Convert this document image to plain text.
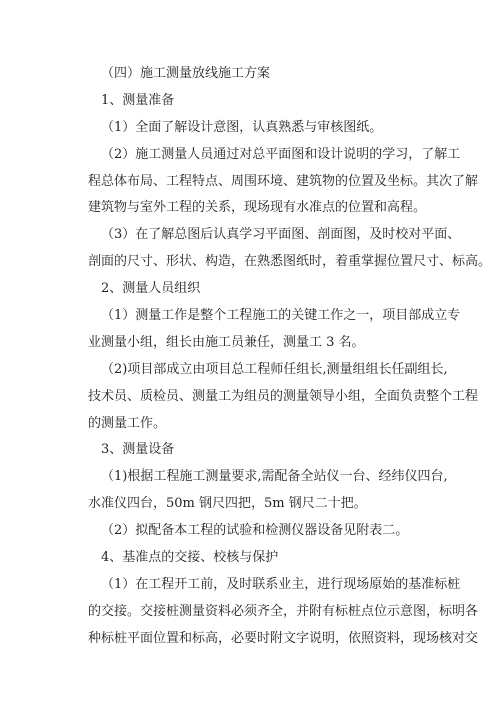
（四）施工测量放线施工方案
1、测量准备
（1）全面了解设计意图，认真熟悉与审核图纸。
（2）施工测量人员通过对总平面图和设计说明的学习，了解工
程总体布局、工程特点、周围环境、建筑物的位置及坐标。其次了解
建筑物与室外工程的关系，现场现有水准点的位置和高程。
（3）在了解总图后认真学习平面图、剖面图，及时校对平面、
剖面的尺寸、形状、构造，在熟悉图纸时，着重掌握位置尺寸、标高。
2、测量人员组织
（1）测量工作是整个工程施工的关键工作之一，项目部成立专
业测量小组，组长由施工员兼任，测量工 3 名。
（2)项目部成立由项目总工程师任组长,测量组组长任副组长,
技术员、质检员、测量工为组员的测量领导小组，全面负责整个工程
的测量工作。
3、测量设备
（1)根据工程施工测量要求,需配备全站仪一台、经纬仪四台,
水准仪四台，50m 钢尺四把，5m 钢尺二十把。
（2）拟配备本工程的试验和检测仪器设备见附表二。
4、基准点的交接、校核与保护
（1）在工程开工前，及时联系业主，进行现场原始的基准标桩
的交接。交接桩测量资料必须齐全，并附有标桩点位示意图，标明各
种标桩平面位置和标高，必要时附文字说明，依照资料，现场核对交
